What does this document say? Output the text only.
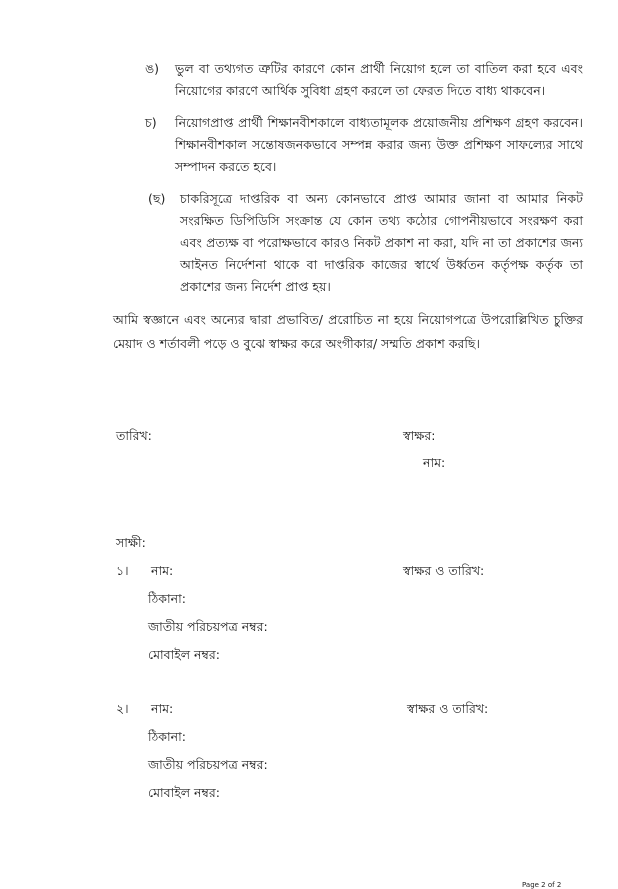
ঙ) ভুল বা তথ্যগত ত্রুটির কারণে কোন প্রার্থী নিয়োগ হলে তা বাতিল করা হবে এবং নিয়োগের কারণে আর্থিক সুবিধা গ্রহণ করলে তা ফেরত দিতে বাধ্য থাকবেন।
চ) নিয়োগপ্রাপ্ত প্রার্থী শিক্ষানবীশকালে বাধ্যতামূলক প্রয়োজনীয় প্রশিক্ষণ গ্রহণ করবেন। শিক্ষানবীশকাল সন্তোষজনকভাবে সম্পন্ন করার জন্য উক্ত প্রশিক্ষণ সাফল্যের সাথে সম্পাদন করতে হবে।
(ছ) চাকরিসূত্রে দাপ্তরিক বা অন্য কোনভাবে প্রাপ্ত আমার জানা বা আমার নিকট সংরক্ষিত ডিপিডিসি সংক্রান্ত যে কোন তথ্য কঠোর গোপনীয়ভাবে সংরক্ষণ করা এবং প্রত্যক্ষ বা পরোক্ষভাবে কারও নিকট প্রকাশ না করা, যদি না তা প্রকাশের জন্য আইনত নির্দেশনা থাকে বা দাপ্তরিক কাজের স্বার্থে উর্ধ্বতন কর্তৃপক্ষ কর্তৃক তা প্রকাশের জন্য নির্দেশ প্রাপ্ত হয়।
আমি স্বজ্ঞানে এবং অন্যের দ্বারা প্রভাবিত/ প্ররোচিত না হয়ে নিয়োগপত্রে উপরোল্লিখিত চুক্তির মেয়াদ ও শর্তাবলী পড়ে ও বুঝে স্বাক্ষর করে অংগীকার/ সম্মতি প্রকাশ করছি।
তারিখ:	স্বাক্ষর:
নাম:
সাক্ষী:
১।	নাম:	স্বাক্ষর ও তারিখ:
ঠিকানা:
জাতীয় পরিচয়পত্র নম্বর:
মোবাইল নম্বর:
২।	নাম:	স্বাক্ষর ও তারিখ:
ঠিকানা:
জাতীয় পরিচয়পত্র নম্বর:
মোবাইল নম্বর:
Page 2 of 2
